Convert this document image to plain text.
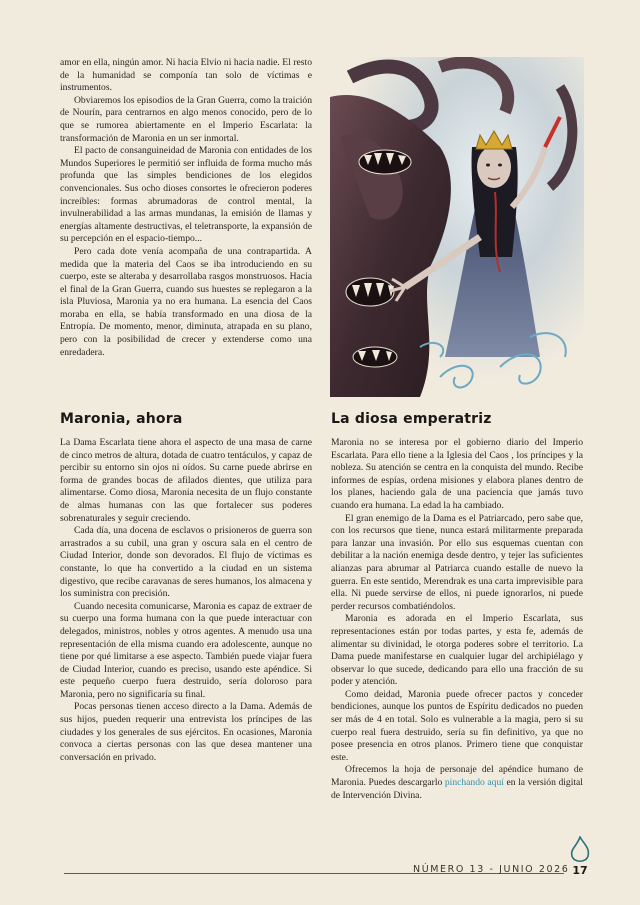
amor en ella, ningún amor. Ni hacia Elvio ni hacia nadie. El resto de la humanidad se componía tan solo de víctimas e instrumentos.

Obviaremos los episodios de la Gran Guerra, como la traición de Nourín, para centrarnos en algo menos conocido, pero de lo que se rumorea abiertamente en el Imperio Escarlata: la transformación de Maronia en un ser inmortal.

El pacto de consanguineidad de Maronia con entidades de los Mundos Superiores le permitió ser influida de forma mucho más profunda que las simples bendiciones de los elegidos convencionales. Sus ocho dioses consortes le ofrecieron poderes increíbles: formas abrumadoras de control mental, la invulnerabilidad a las armas mundanas, la emisión de llamas y energías altamente destructivas, el teletransporte, la expansión de su percepción en el espacio-tiempo...

Pero cada dote venía acompaña de una contrapartida. A medida que la materia del Caos se iba introduciendo en su cuerpo, este se alteraba y desarrollaba rasgos monstruosos. Hacia el final de la Gran Guerra, cuando sus huestes se replegaron a la isla Pluviosa, Maronia ya no era humana. La esencia del Caos moraba en ella, se había transformado en una diosa de la Entropía. De momento, menor, diminuta, atrapada en su plano, pero con la posibilidad de crecer y extenderse como una enredadera.

Maronia, ahora	La diosa emperatriz

La Dama Escarlata tiene ahora el aspecto de una masa de carne de cinco metros de altura, dotada de cuatro tentáculos, y capaz de percibir su entorno sin ojos ni oídos. Su carne puede abrirse en forma de grandes bocas de afilados dientes, que utiliza para alimentarse. Como diosa, Maronia necesita de un flujo constante de almas humanas con las que fortalecer sus poderes sobrenaturales y seguir creciendo.

Cada día, una docena de esclavos o prisioneros de guerra son arrastrados a su cubil, una gran y oscura sala en el centro de Ciudad Interior, donde son devorados. El flujo de víctimas es constante, lo que ha convertido a la ciudad en un sistema digestivo, que recibe caravanas de seres humanos, los almacena y los suministra con precisión.

Cuando necesita comunicarse, Maronia es capaz de extraer de su cuerpo una forma humana con la que puede interactuar con delegados, ministros, nobles y otros agentes. A menudo usa una representación de ella misma cuando era adolescente, aunque no tiene por qué limitarse a ese aspecto. También puede viajar fuera de Ciudad Interior, cuando es preciso, usando este apéndice. Si este pequeño cuerpo fuera destruido, sería doloroso para Maronia, pero no significaría su final.

Pocas personas tienen acceso directo a la Dama. Además de sus hijos, pueden requerir una entrevista los príncipes de las ciudades y los generales de sus ejércitos. En ocasiones, Maronia convoca a ciertas personas con las que desea mantener una conversación en privado.

Maronia no se interesa por el gobierno diario del Imperio Escarlata. Para ello tiene a la Iglesia del Caos , los príncipes y la nobleza. Su atención se centra en la conquista del mundo. Recibe informes de espías, ordena misiones y elabora planes dentro de los planes, haciendo gala de una paciencia que jamás tuvo cuando era humana. La edad la ha cambiado.

El gran enemigo de la Dama es el Patriarcado, pero sabe que, con los recursos que tiene, nunca estará militarmente preparada para lanzar una invasión. Por ello sus esquemas cuentan con debilitar a la nación enemiga desde dentro, y tejer las suficientes alianzas para abrumar al Patriarca cuando estalle de nuevo la guerra. En este sentido, Merendrak es una carta imprevisible para ella. Ni puede servirse de ellos, ni puede ignorarlos, ni puede perder recursos combatiéndolos.

Maronia es adorada en el Imperio Escarlata, sus representaciones están por todas partes, y esta fe, además de alimentar su divinidad, le otorga poderes sobre el territorio. La Dama puede manifestarse en cualquier lugar del archipiélago y observar lo que sucede, dedicando para ello una fracción de su poder y atención.

Como deidad, Maronia puede ofrecer pactos y conceder bendiciones, aunque los puntos de Espíritu dedicados no pueden ser más de 4 en total. Solo es vulnerable a la magia, pero si su cuerpo real fuera destruido, sería su fin definitivo, ya que no posee presencia en otros planos. Primero tiene que conquistar este.

Ofrecemos la hoja de personaje del apéndice humano de Maronia. Puedes descargarlo pinchando aquí en la versión digital de Intervención Divina.

NÚMERO 13 - JUNIO 2026 17
